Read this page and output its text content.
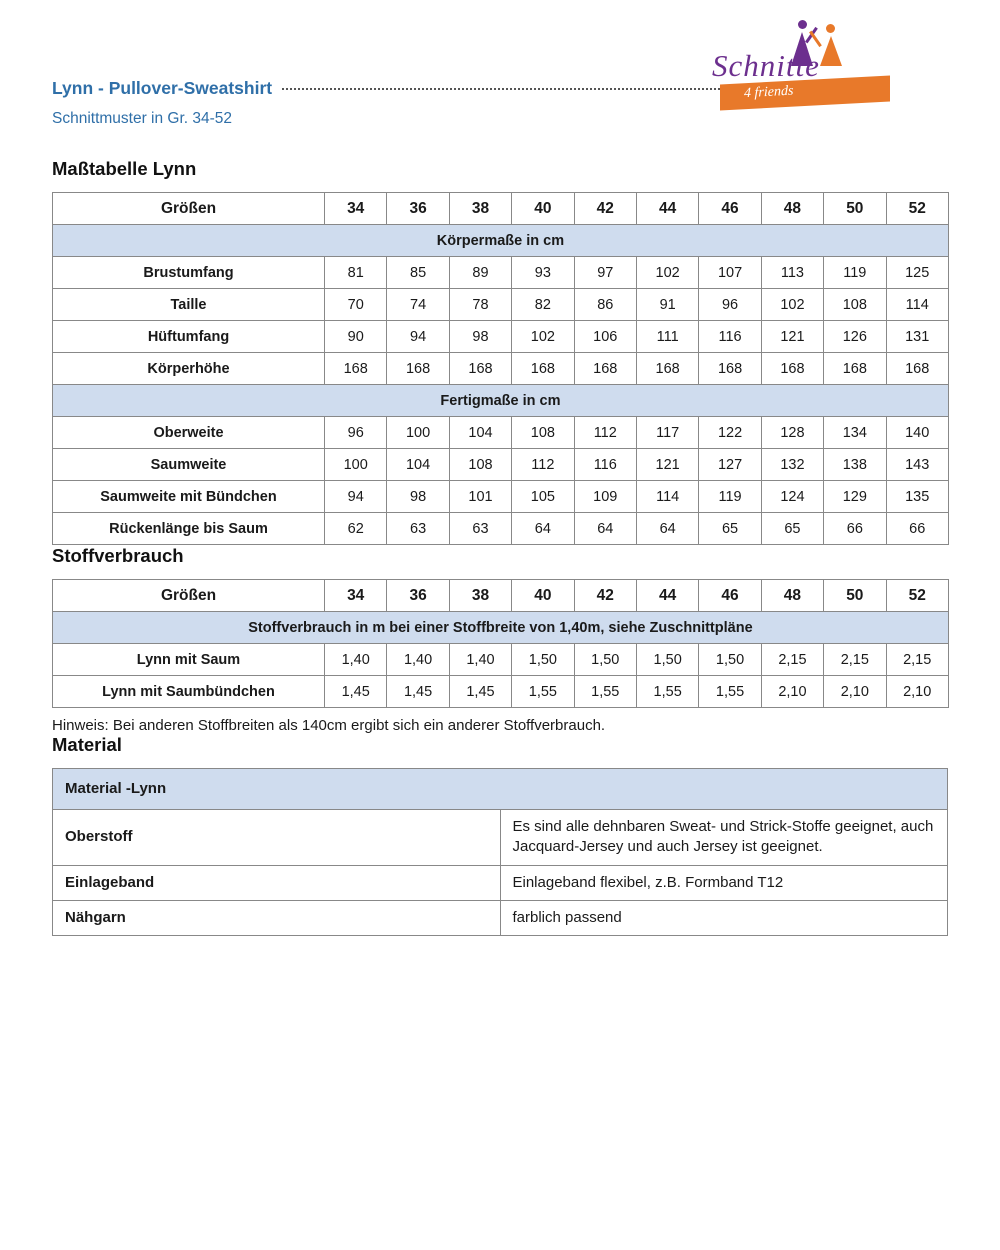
Lynn - Pullover-Sweatshirt
Schnittmuster in Gr. 34-52
Schnitte
4 friends
Maßtabelle Lynn
Größen	34	36	38	40	42	44	46	48	50	52
Körpermaße in cm										
Brustumfang	81	85	89	93	97	102	107	113	119	125
Taille	70	74	78	82	86	91	96	102	108	114
Hüftumfang	90	94	98	102	106	111	116	121	126	131
Körperhöhe	168	168	168	168	168	168	168	168	168	168
Fertigmaße in cm										
Oberweite	96	100	104	108	112	117	122	128	134	140
Saumweite	100	104	108	112	116	121	127	132	138	143
Saumweite mit Bündchen	94	98	101	105	109	114	119	124	129	135
Rückenlänge bis Saum	62	63	63	64	64	64	65	65	66	66
Stoffverbrauch
Größen	34	36	38	40	42	44	46	48	50	52
Stoffverbrauch in m bei einer Stoffbreite von 1,40m, siehe Zuschnittpläne										
Lynn mit Saum	1,40	1,40	1,40	1,50	1,50	1,50	1,50	2,15	2,15	2,15
Lynn mit Saumbündchen	1,45	1,45	1,45	1,55	1,55	1,55	1,55	2,10	2,10	2,10
Hinweis: Bei anderen Stoffbreiten als 140cm ergibt sich ein anderer Stoffverbrauch.
Material
Material -Lynn	
Oberstoff	Es sind alle dehnbaren Sweat- und Strick-Stoffe geeignet, auch Jacquard-Jersey und auch Jersey ist geeignet.
Einlageband	Einlageband flexibel, z.B. Formband T12
Nähgarn	farblich passend
